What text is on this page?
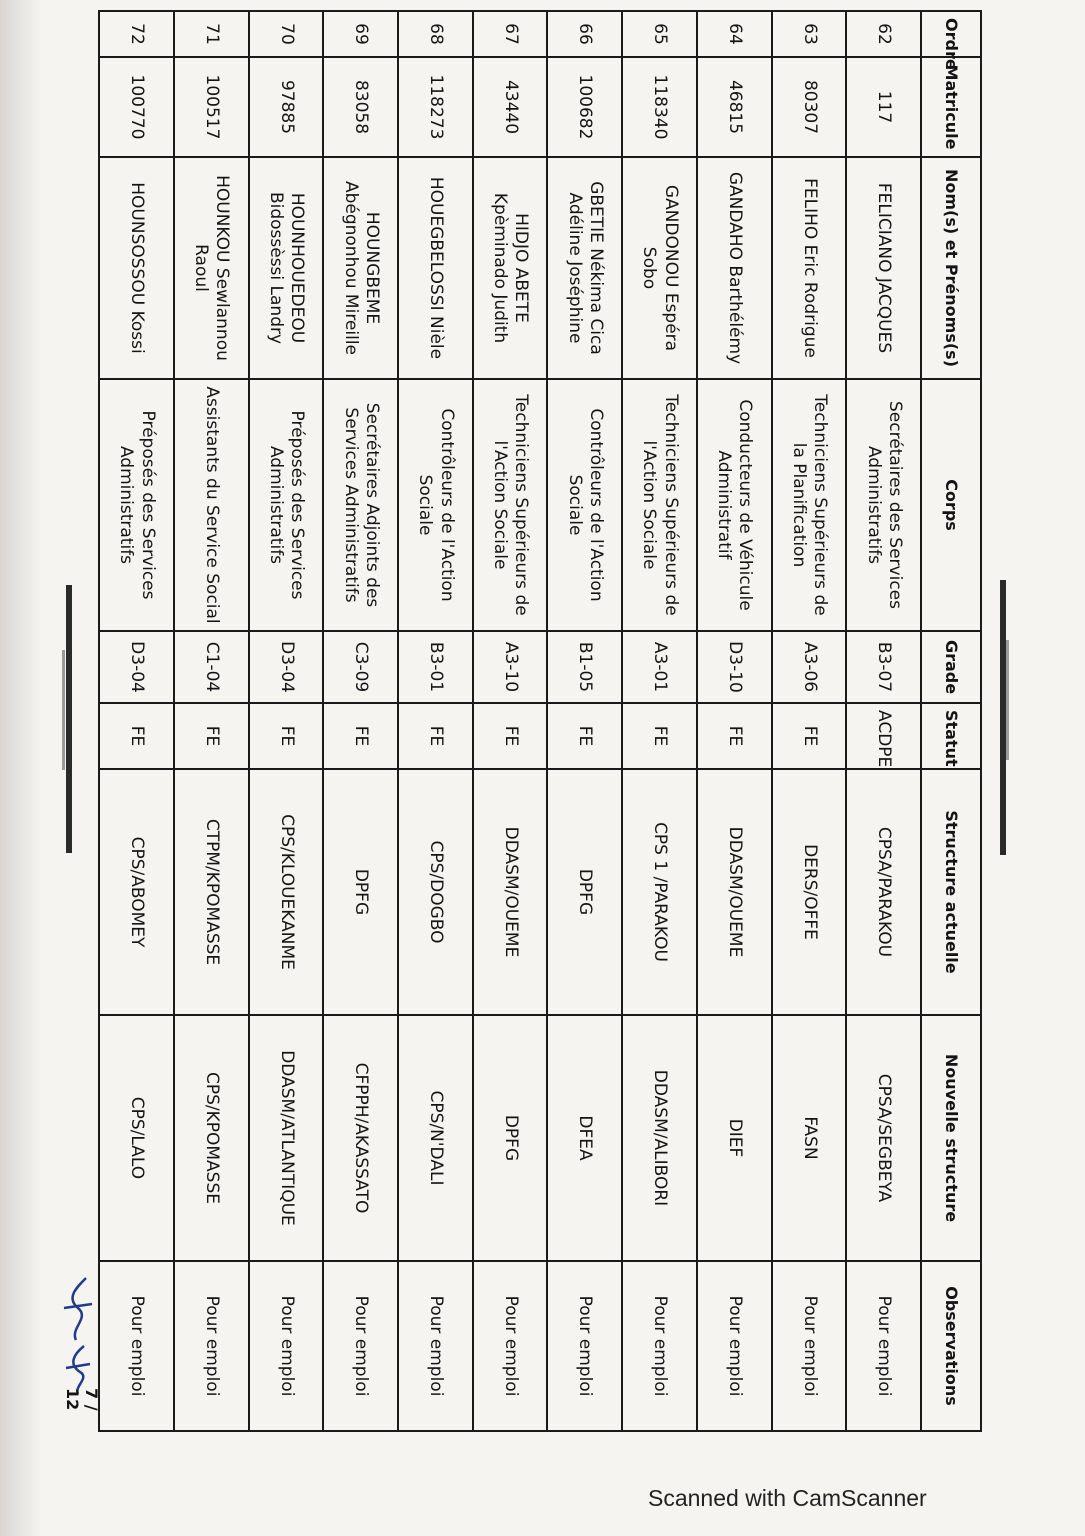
Ordre	Matricule	Nom(s) et Prénoms(s)	Corps	Grade	Statut	Structure actuelle	Nouvelle structure	Observations
62	117	FELICIANO JACQUES	Secrétaires des Services Administratifs	B3-07	ACDPE	CPSA/PARAKOU	CPSA/SEGBEYA	Pour emploi
63	80307	FELIHO Eric Rodrigue	Techniciens Supérieurs de la Planification	A3-06	FE	DERS/OFFE	FASN	Pour emploi
64	46815	GANDAHO Barthélémy	Conducteurs de Véhicule Administratif	D3-10	FE	DDASM/OUEME	DIEF	Pour emploi
65	118340	GANDONOU Espéra Sobo	Techniciens Supérieurs de l'Action Sociale	A3-01	FE	CPS 1 /PARAKOU	DDASM/ALIBORI	Pour emploi
66	100682	GBETIE Nékima Cica Adéline Joséphine	Contrôleurs de l'Action Sociale	B1-05	FE	DPFG	DFEA	Pour emploi
67	43440	HIDJO ABETE Kpèminado Judith	Techniciens Supérieurs de l'Action Sociale	A3-10	FE	DDASM/OUEME	DPFG	Pour emploi
68	118273	HOUEGBELOSSI Nièle	Contrôleurs de l'Action Sociale	B3-01	FE	CPS/DOGBO	CPS/N'DALI	Pour emploi
69	83058	HOUNGBEME Abégnonhou Mireille	Secrétaires Adjoints des Services Administratifs	C3-09	FE	DPFG	CFPPH/AKASSATO	Pour emploi
70	97885	HOUNHOUEDEOU Bidossèssi Landry	Préposés des Services Administratifs	D3-04	FE	CPS/KLOUEKANME	DDASM/ATLANTIQUE	Pour emploi
71	100517	HOUNKOU Sewlannou Raoul	Assistants du Service Social	C1-04	FE	CTPM/KPOMASSE	CPS/KPOMASSE	Pour emploi
72	100770	HOUNSOSSOU Kossi	Préposés des Services Administratifs	D3-04	FE	CPS/ABOMEY	CPS/LALO	Pour emploi
7 / 12
Scanned with CamScanner
